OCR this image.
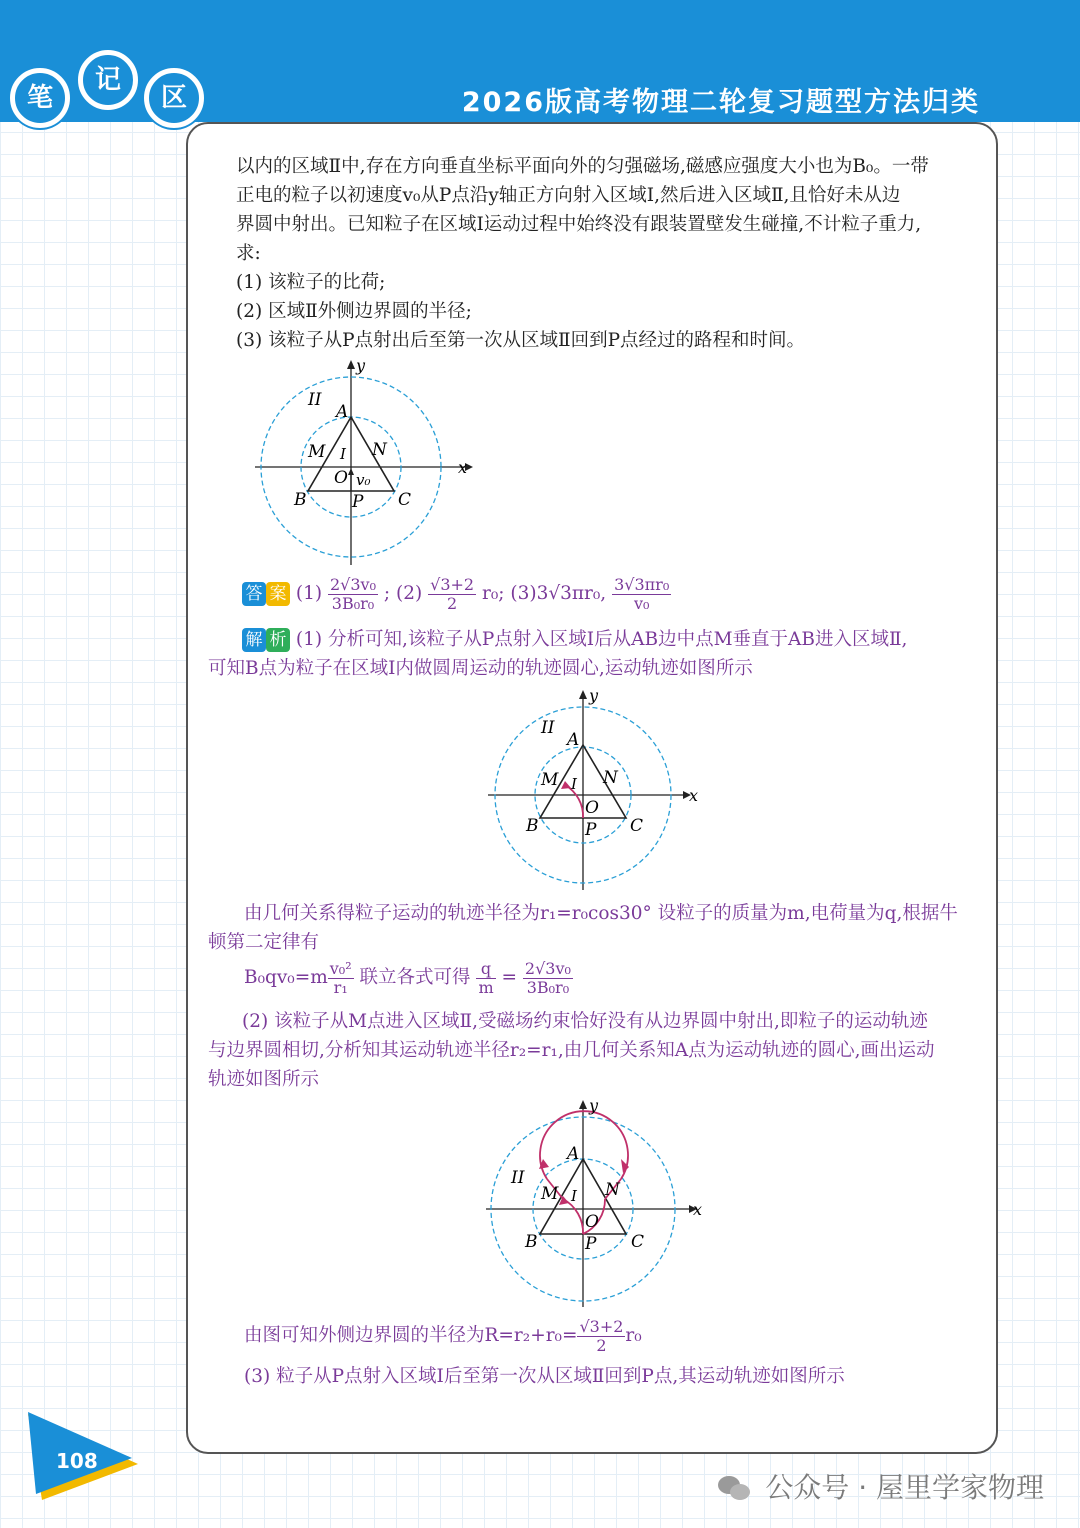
笔
记
区	2026版高考物理二轮复习题型方法归类
以内的区域Ⅱ中,存在方向垂直坐标平面向外的匀强磁场,磁感应强度大小也为B₀。一带
正电的粒子以初速度v₀从P点沿y轴正方向射入区域Ⅰ,然后进入区域Ⅱ,且恰好未从边
界圆中射出。已知粒子在区域Ⅰ运动过程中始终没有跟装置壁发生碰撞,不计粒子重力,
求:
(1) 该粒子的比荷;
(2) 区域Ⅱ外侧边界圆的半径;
(3) 该粒子从P点射出后至第一次从区域Ⅱ回到P点经过的路程和时间。
II
A
M I N
O v₀
B	P C
x
y
答 案 $(1) \frac{\text{2√3v₀}}{\text{3B₀r₀}}$ ; $(2) \frac{√3+2}{2} r_0$; (3)3√3πr₀, $\frac{\text{3√3πr₀}}{\text{v₀}}$
解 析 (1) 分析可知,该粒子从P点射入区域Ⅰ后从AB边中点M垂直于AB进入区域Ⅱ,
可知B点为粒子在区域Ⅰ内做圆周运动的轨迹圆心,运动轨迹如图所示
II
A
M I N
O
B	P C
x
y
由几何关系得粒子运动的轨迹半径为r₁=r₀cos30° 设粒子的质量为m,电荷量为q,根据牛
顿第二定律有
$B_0qv_0=m \frac{\text{v₀²}}{\text{r₁}}$ 联立各式可得 $\frac{q}{m} = \frac{\text{2√3v₀}}{\text{3B₀r₀}}$
(2) 该粒子从M点进入区域Ⅱ,受磁场约束恰好没有从边界圆中射出,即粒子的运动轨迹
与边界圆相切,分析知其运动轨迹半径r₂=r₁,由几何关系知A点为运动轨迹的圆心,画出运动
轨迹如图所示
II
A
M I N
O
B	P C
x
y
由图可知外侧边界圆的半径为$R=r_2+r_0= \frac{√3+2}{2} r_0$
(3) 粒子从P点射入区域Ⅰ后至第一次从区域Ⅱ回到P点,其运动轨迹如图所示
108
公众号 · 屋里学家物理
